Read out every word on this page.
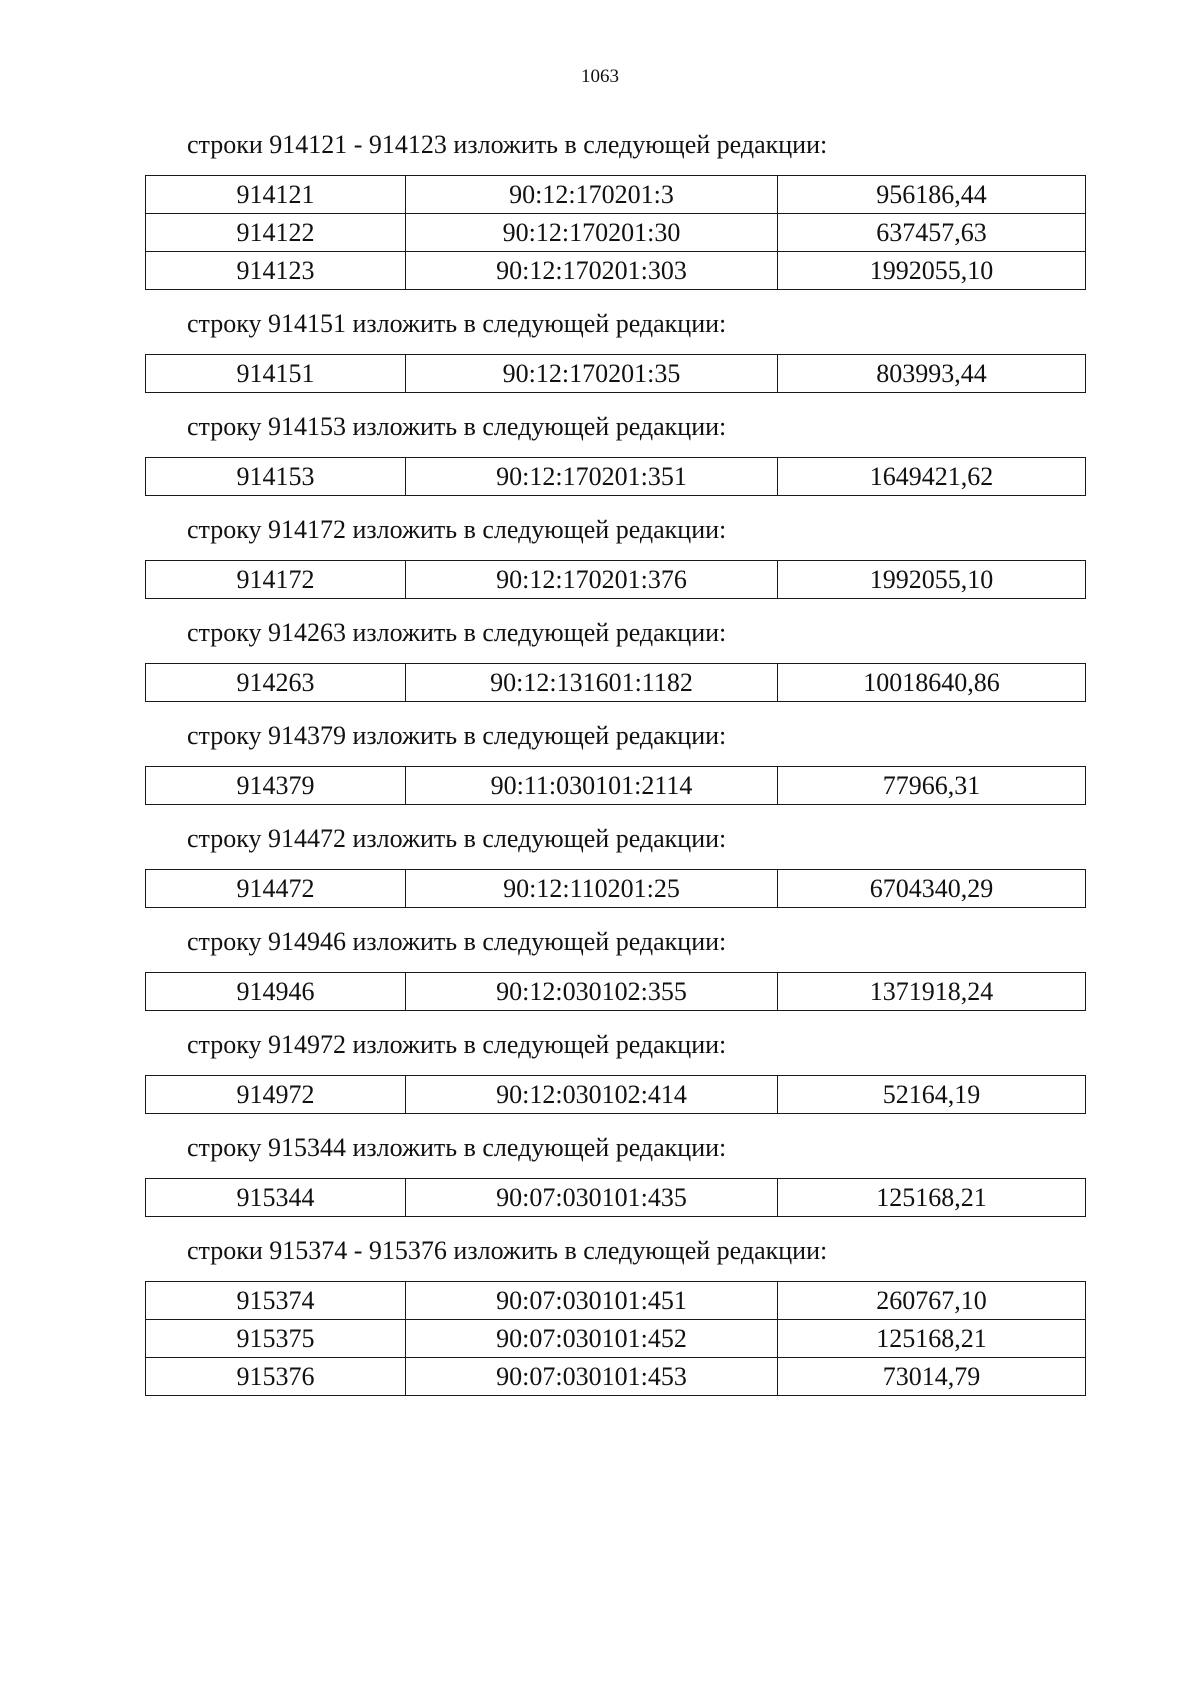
1063

строки 914121 - 914123 изложить в следующей редакции:

914121	90:12:170201:3	956186,44
914122	90:12:170201:30	637457,63
914123	90:12:170201:303	1992055,10

строку 914151 изложить в следующей редакции:

914151	90:12:170201:35	803993,44

строку 914153 изложить в следующей редакции:

914153	90:12:170201:351	1649421,62

строку 914172 изложить в следующей редакции:

914172	90:12:170201:376	1992055,10

строку 914263 изложить в следующей редакции:

914263	90:12:131601:1182	10018640,86

строку 914379 изложить в следующей редакции:

914379	90:11:030101:2114	77966,31

строку 914472 изложить в следующей редакции:

914472	90:12:110201:25	6704340,29

строку 914946 изложить в следующей редакции:

914946	90:12:030102:355	1371918,24

строку 914972 изложить в следующей редакции:

914972	90:12:030102:414	52164,19

строку 915344 изложить в следующей редакции:

915344	90:07:030101:435	125168,21

строки 915374 - 915376 изложить в следующей редакции:

915374	90:07:030101:451	260767,10
915375	90:07:030101:452	125168,21
915376	90:07:030101:453	73014,79
